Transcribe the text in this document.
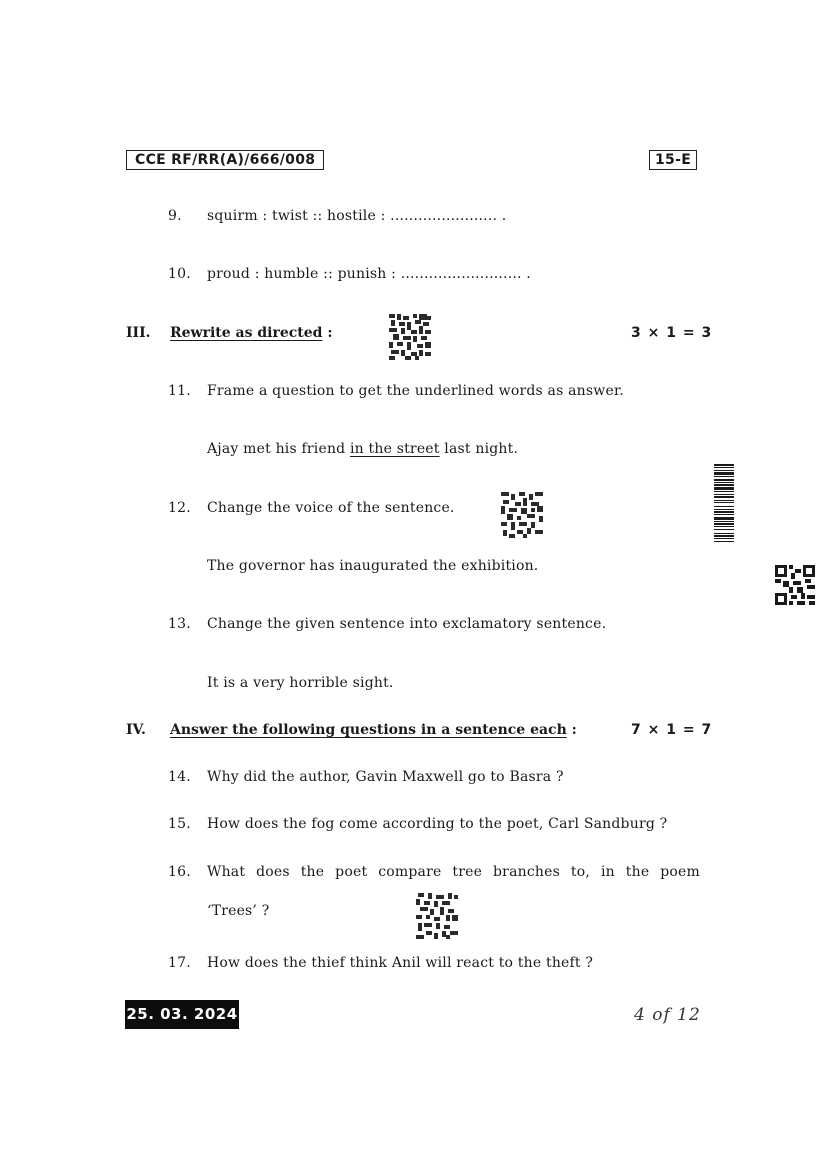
CCE RF/RR(A)/666/008	15-E
9. squirm : twist :: hostile : ....................... .
10. proud : humble :: punish : .......................... .
III. Rewrite as directed :	3 × 1 = 3
11. Frame a question to get the underlined words as answer.
Ajay met his friend in the street last night.
12. Change the voice of the sentence.
The governor has inaugurated the exhibition.
13. Change the given sentence into exclamatory sentence.
It is a very horrible sight.
IV. Answer the following questions in a sentence each :	7 × 1 = 7
14. Why did the author, Gavin Maxwell go to Basra ?
15. How does the fog come according to the poet, Carl Sandburg ?
16. What does the poet compare tree branches to, in the poem
‘Trees’ ?
17. How does the thief think Anil will react to the theft ?
25. 03. 2024	4 of 12
